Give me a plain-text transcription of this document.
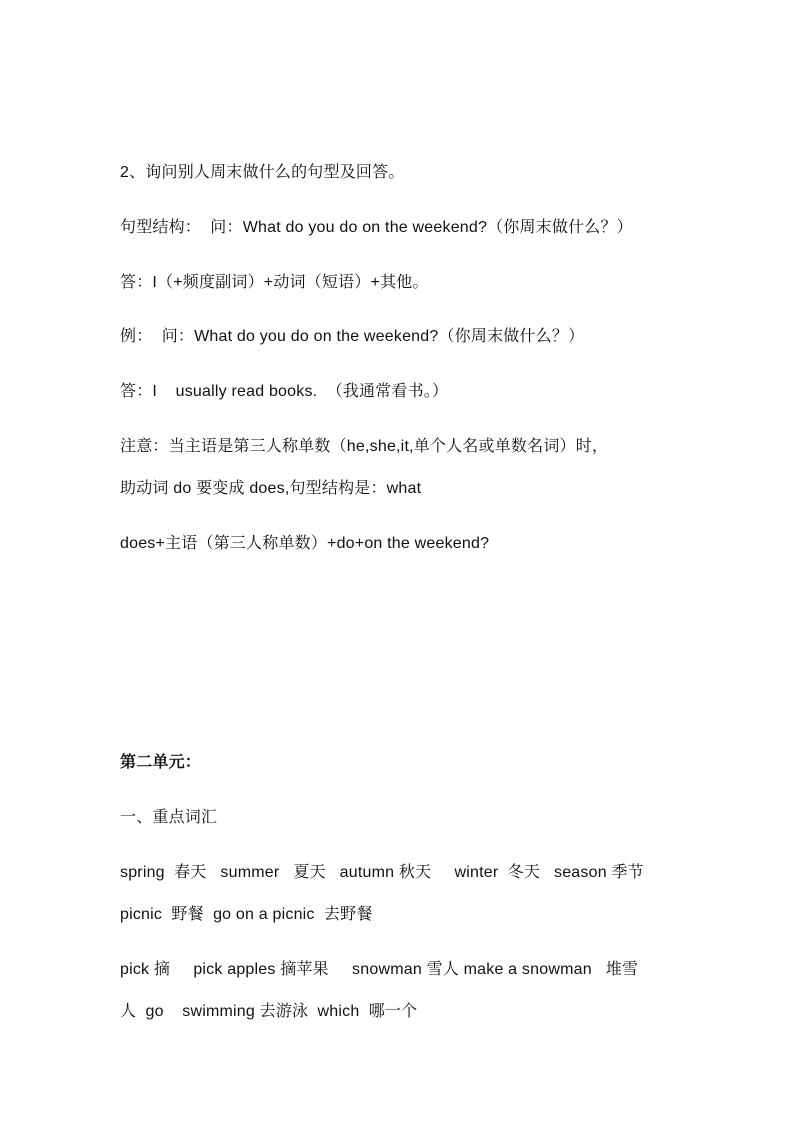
2、询问别人周末做什么的句型及回答。
句型结构：  问：What do you do on the weekend?（你周末做什么？）
答：I（+频度副词）+动词（短语）+其他。
例：  问：What do you do on the weekend?（你周末做什么？）
答：I    usually read books.  （我通常看书。）
注意：当主语是第三人称单数（he,she,it,单个人名或单数名词）时，
助动词 do 要变成 does,句型结构是：what
does+主语（第三人称单数）+do+on the weekend?
第二单元：
一、重点词汇
spring  春天   summer   夏天   autumn 秋天     winter  冬天   season 季节
picnic  野餐  go on a picnic  去野餐
pick 摘     pick apples 摘苹果     snowman 雪人 make a snowman   堆雪
人  go    swimming 去游泳  which  哪一个
